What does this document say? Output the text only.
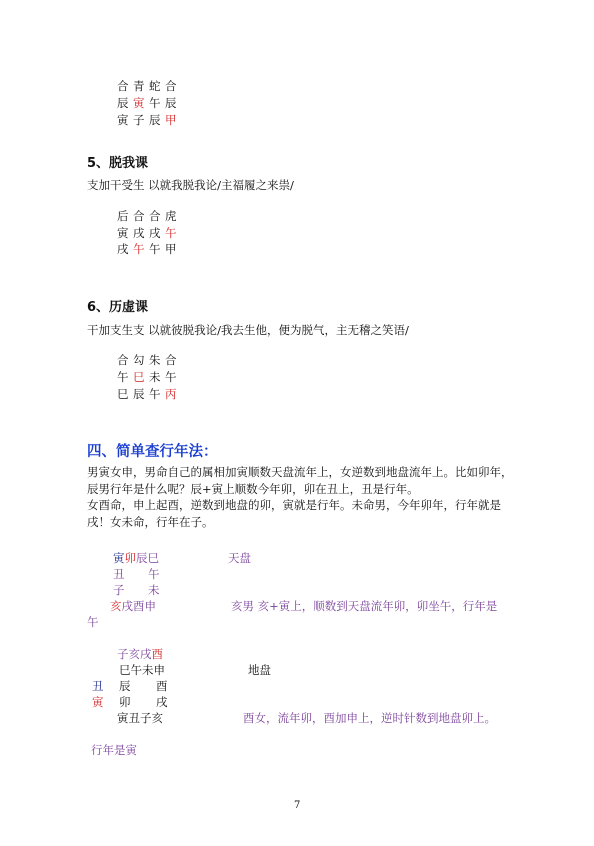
合 青 蛇 合
辰 寅 午 辰
寅 子 辰 甲
5、脱我课
支加干受生 以就我脱我论/主福履之来祟/
后 合 合 虎
寅 戌 戌 午
戌 午 午 甲
6、历虚课
干加支生支 以就彼脱我论/我去生他，便为脱气，主无稽之笑语/
合 勾 朱 合
午 巳 未 午
巳 辰 午 丙
四、简单查行年法：
男寅女申，男命自己的属相加寅顺数天盘流年上，女逆数到地盘流年上。比如卯年，辰男行年是什么呢？辰+寅上顺数今年卯，卯在丑上，丑是行年。
女酉命，申上起酉，逆数到地盘的卯，寅就是行年。未命男，今年卯年，行年就是戌！女未命，行年在子。
寅卯辰巳	天盘
丑 午
子 未
亥戌酉申	亥男 亥+寅上，顺数到天盘流年卯，卯坐午，行年是
午
子亥戌酉
巳午未申	地盘
丑 辰 酉
寅 卯 戌
寅丑子亥	酉女，流年卯，酉加申上，逆时针数到地盘卯上。
行年是寅
7
